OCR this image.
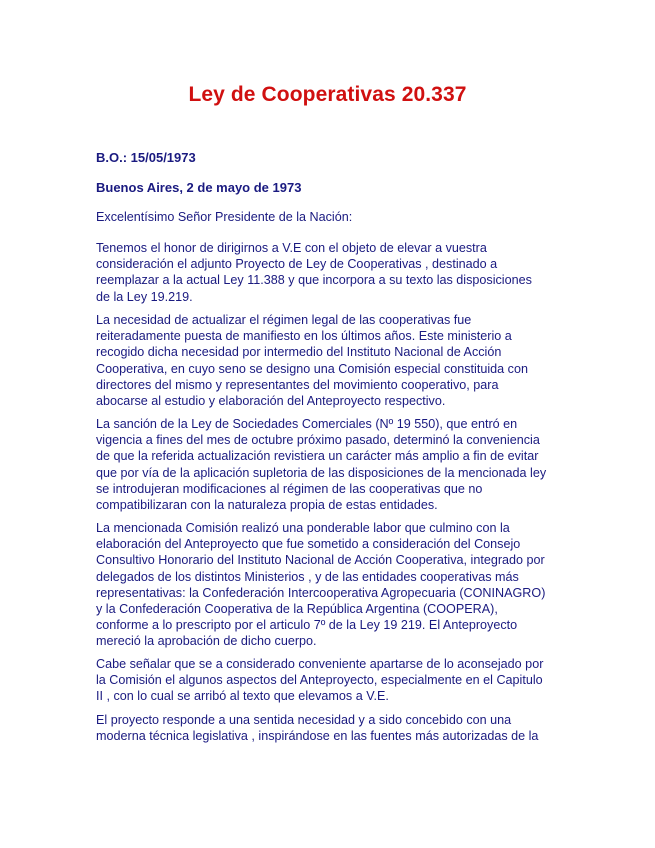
Ley de Cooperativas 20.337
B.O.: 15/05/1973
Buenos Aires, 2 de mayo de 1973
Excelentísimo Señor Presidente de la Nación:
Tenemos el honor de dirigirnos a V.E con el objeto de elevar a vuestra
consideración el adjunto Proyecto de Ley de Cooperativas , destinado a
reemplazar a la actual Ley 11.388 y que incorpora a su texto las disposiciones
de la Ley 19.219.
La necesidad de actualizar el régimen legal de las cooperativas fue
reiteradamente puesta de manifiesto en los últimos años. Este ministerio a
recogido dicha necesidad por intermedio del Instituto Nacional de Acción
Cooperativa, en cuyo seno se designo una Comisión especial constituida con
directores del mismo y representantes del movimiento cooperativo, para
abocarse al estudio y elaboración del Anteproyecto respectivo.
La sanción de la Ley de Sociedades Comerciales (Nº 19 550), que entró en
vigencia a fines del mes de octubre próximo pasado, determinó la conveniencia
de que la referida actualización revistiera un carácter más amplio a fin de evitar
que por vía de la aplicación supletoria de las disposiciones de la mencionada ley
se introdujeran modificaciones al régimen de las cooperativas que no
compatibilizaran con la naturaleza propia de estas entidades.
La mencionada Comisión realizó una ponderable labor que culmino con la
elaboración del Anteproyecto que fue sometido a consideración del Consejo
Consultivo Honorario del Instituto Nacional de Acción Cooperativa, integrado por
delegados de los distintos Ministerios , y de las entidades cooperativas más
representativas: la Confederación Intercooperativa Agropecuaria (CONINAGRO)
y la Confederación Cooperativa de la República Argentina (COOPERA),
conforme a lo prescripto por el articulo 7º de la Ley 19 219. El Anteproyecto
mereció la aprobación de dicho cuerpo.
Cabe señalar que se a considerado conveniente apartarse de lo aconsejado por
la Comisión el algunos aspectos del Anteproyecto, especialmente en el Capitulo
II , con lo cual se arribó al texto que elevamos a V.E.
El proyecto responde a una sentida necesidad y a sido concebido con una
moderna técnica legislativa , inspirándose en las fuentes más autorizadas de la
